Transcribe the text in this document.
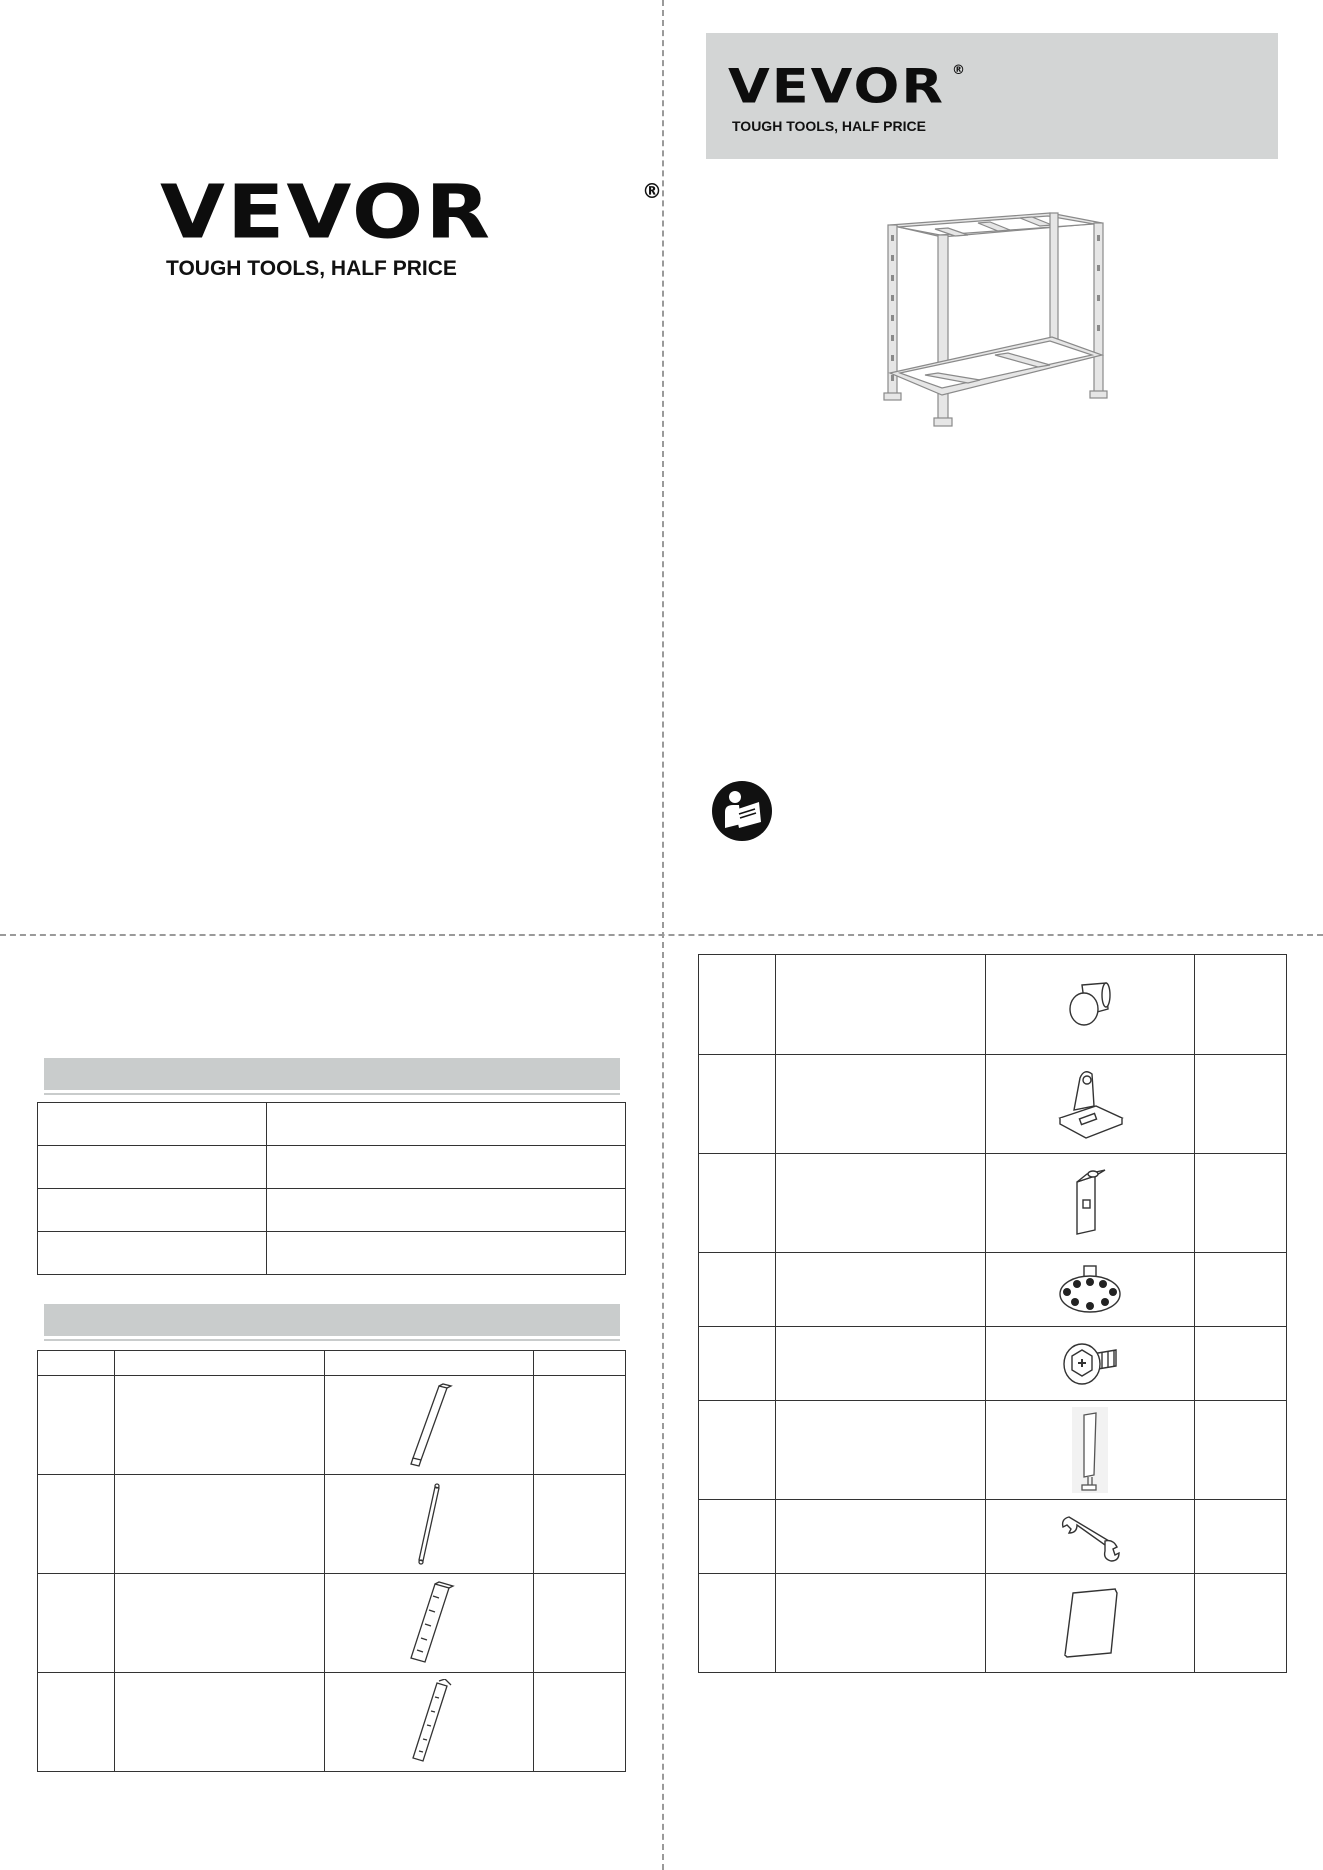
VEVOR	®
TOUGH TOOLS, HALF PRICE
VEVOR ®
TOUGH TOOLS, HALF PRICE
